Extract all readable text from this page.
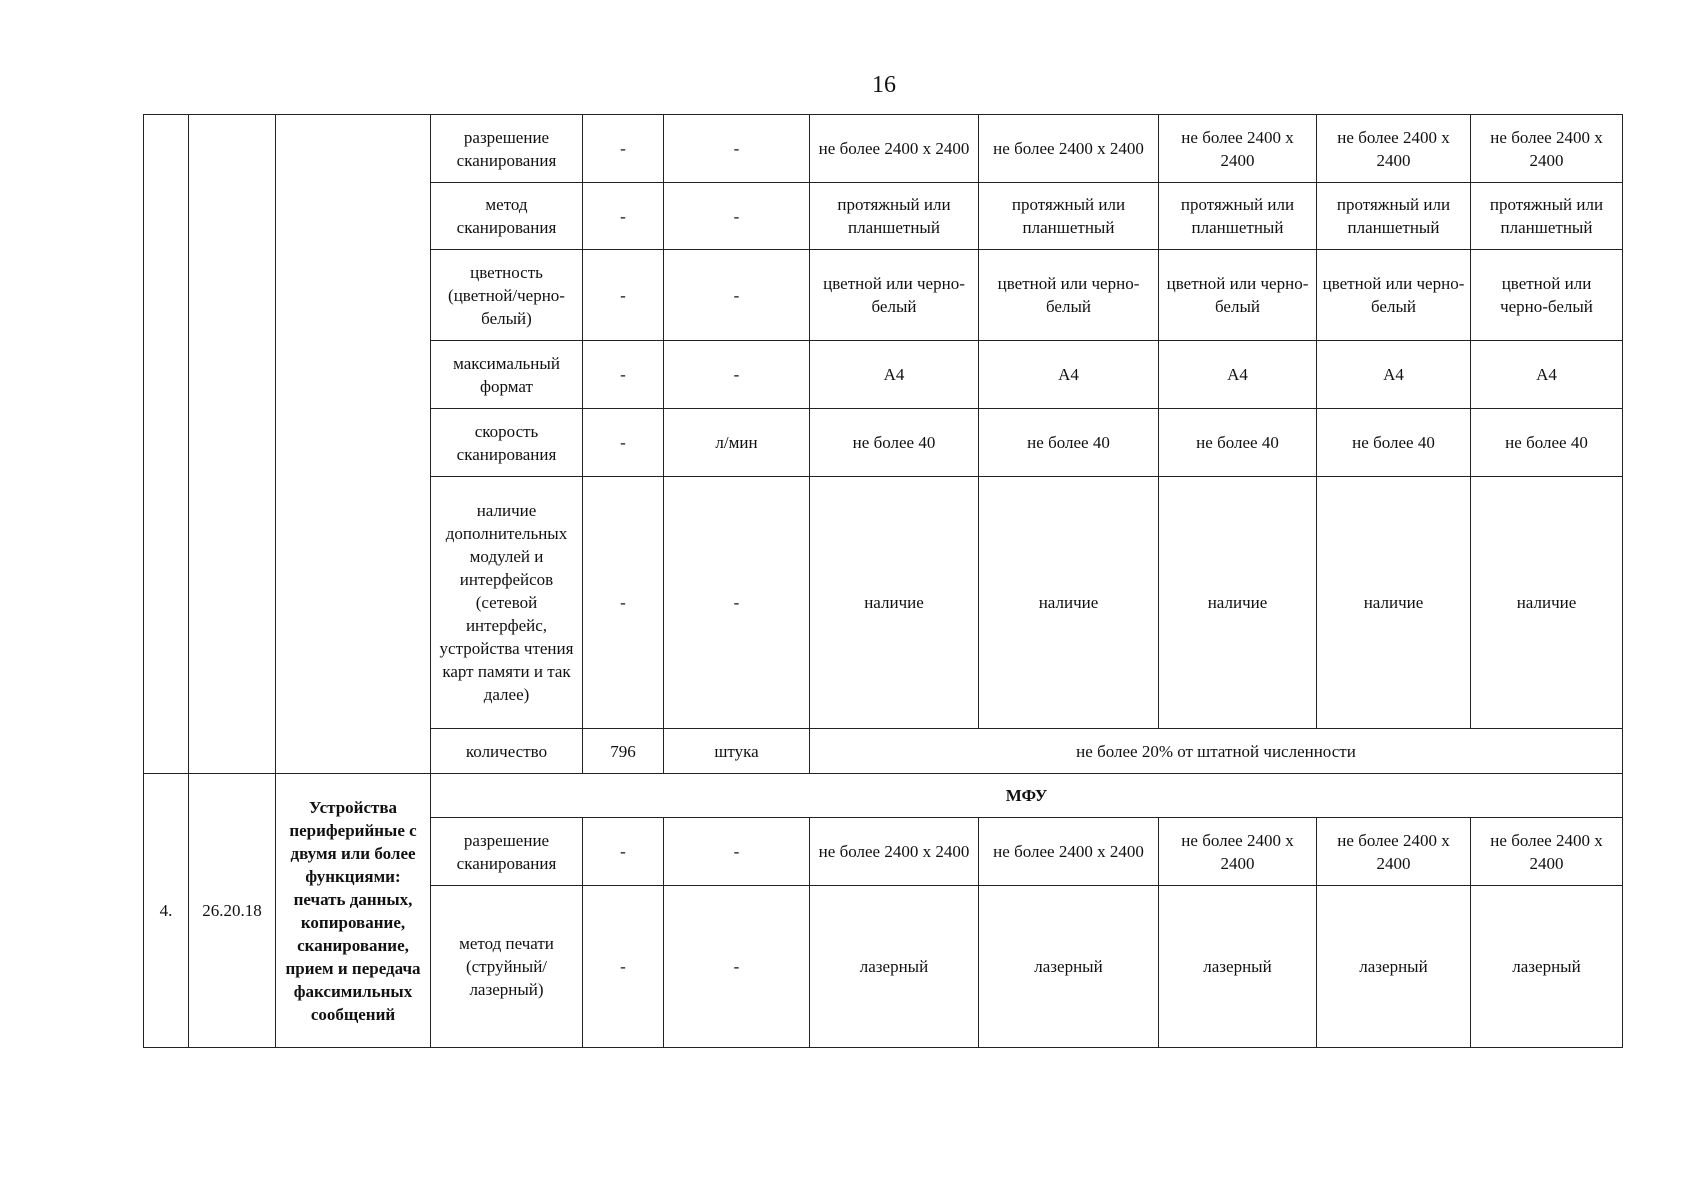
16
			разрешение сканирования	-	-	не более 2400 х 2400	не более 2400 х 2400	не более 2400 х 2400	не более 2400 х 2400	не более 2400 х 2400
			метод сканирования	-	-	протяжный или планшетный	протяжный или планшетный	протяжный или планшетный	протяжный или планшетный	протяжный или планшетный
			цветность (цветной/черно-белый)	-	-	цветной или черно-белый	цветной или черно-белый	цветной или черно-белый	цветной или черно-белый	цветной или черно-белый
			максимальный формат	-	-	А4	А4	А4	А4	А4
			скорость сканирования	-	л/мин	не более 40	не более 40	не более 40	не более 40	не более 40
			наличие дополнительных модулей и интерфейсов (сетевой интерфейс, устройства чтения карт памяти и так далее)	-	-	наличие	наличие	наличие	наличие	наличие
			количество	796	штука	не более 20% от штатной численности				
4.	26.20.18	Устройства периферийные с двумя или более функциями: печать данных, копирование, сканирование, прием и передача факсимильных сообщений	МФУ							
			разрешение сканирования	-	-	не более 2400 х 2400	не более 2400 х 2400	не более 2400 х 2400	не более 2400 х 2400	не более 2400 х 2400
			метод печати (струйный/лазерный)	-	-	лазерный	лазерный	лазерный	лазерный	лазерный
